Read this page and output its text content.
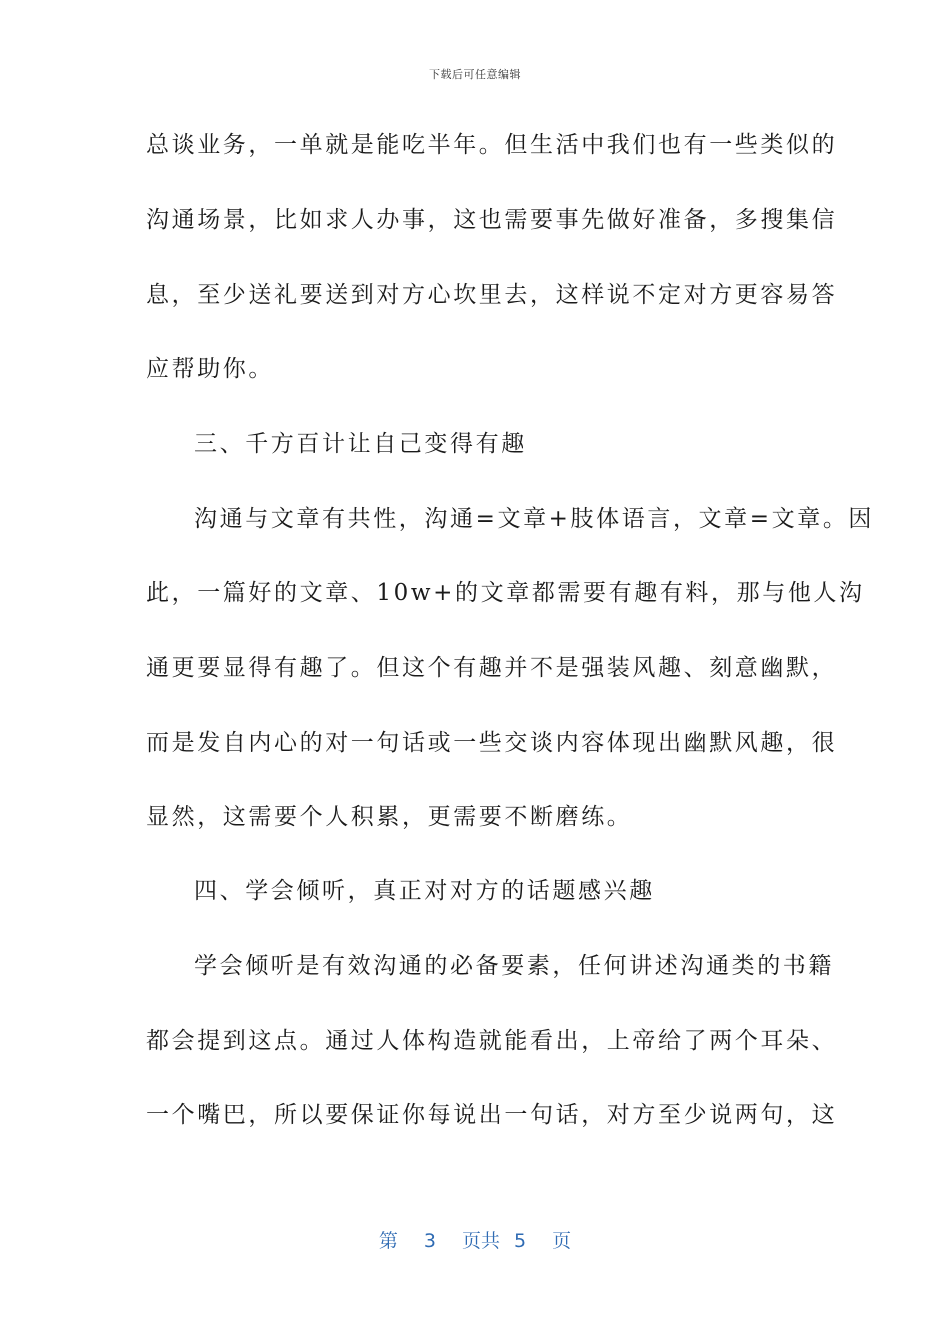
下载后可任意编辑
总谈业务，一单就是能吃半年。但生活中我们也有一些类似的
沟通场景，比如求人办事，这也需要事先做好准备，多搜集信
息，至少送礼要送到对方心坎里去，这样说不定对方更容易答
应帮助你。
三、千方百计让自己变得有趣
沟通与文章有共性，沟通=文章+肢体语言，文章=文章。因
此，一篇好的文章、10w+的文章都需要有趣有料，那与他人沟
通更要显得有趣了。但这个有趣并不是强装风趣、刻意幽默，
而是发自内心的对一句话或一些交谈内容体现出幽默风趣，很
显然，这需要个人积累，更需要不断磨练。
四、学会倾听，真正对对方的话题感兴趣
学会倾听是有效沟通的必备要素，任何讲述沟通类的书籍
都会提到这点。通过人体构造就能看出，上帝给了两个耳朵、
一个嘴巴，所以要保证你每说出一句话，对方至少说两句，这
第 3 页共 5 页
